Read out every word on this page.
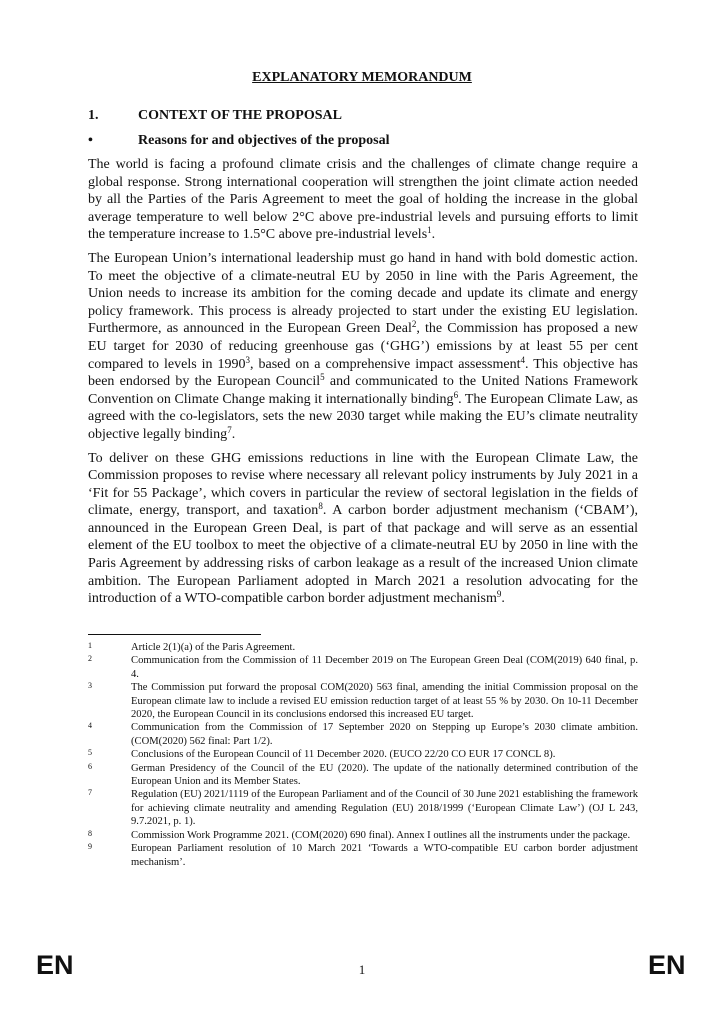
EXPLANATORY MEMORANDUM
1.	CONTEXT OF THE PROPOSAL
•	Reasons for and objectives of the proposal

The world is facing a profound climate crisis and the challenges of climate change require a global response. Strong international cooperation will strengthen the joint climate action needed by all the Parties of the Paris Agreement to meet the goal of holding the increase in the global average temperature to well below 2°C above pre-industrial levels and pursuing efforts to limit the temperature increase to 1.5°C above pre-industrial levels$^1$.

The European Union’s international leadership must go hand in hand with bold domestic action. To meet the objective of a climate-neutral EU by 2050 in line with the Paris Agreement, the Union needs to increase its ambition for the coming decade and update its climate and energy policy framework. This process is already projected to start under the existing EU legislation. Furthermore, as announced in the European Green Deal$^2$, the Commission has proposed a new EU target for 2030 of reducing greenhouse gas (‘GHG’) emissions by at least 55 per cent compared to levels in 1990$^3$, based on a comprehensive impact assessment$^4$. This objective has been endorsed by the European Council$^5$ and communicated to the United Nations Framework Convention on Climate Change making it internationally binding$^6$. The European Climate Law, as agreed with the co-legislators, sets the new 2030 target while making the EU’s climate neutrality objective legally binding$^7$.

To deliver on these GHG emissions reductions in line with the European Climate Law, the Commission proposes to revise where necessary all relevant policy instruments by July 2021 in a ‘Fit for 55 Package’, which covers in particular the review of sectoral legislation in the fields of climate, energy, transport, and taxation$^8$. A carbon border adjustment mechanism (‘CBAM’), announced in the European Green Deal, is part of that package and will serve as an essential element of the EU toolbox to meet the objective of a climate-neutral EU by 2050 in line with the Paris Agreement by addressing risks of carbon leakage as a result of the increased Union climate ambition. The European Parliament adopted in March 2021 a resolution advocating for the introduction of a WTO-compatible carbon border adjustment mechanism$^9$.

1	Article 2(1)(a) of the Paris Agreement.
2	Communication from the Commission of 11 December 2019 on The European Green Deal (COM(2019) 640 final, p. 4.
3	The Commission put forward the proposal COM(2020) 563 final, amending the initial Commission proposal on the European climate law to include a revised EU emission reduction target of at least 55 % by 2030. On 10-11 December 2020, the European Council in its conclusions endorsed this increased EU target.
4	Communication from the Commission of 17 September 2020 on Stepping up Europe’s 2030 climate ambition. (COM(2020) 562 final: Part 1/2).
5	Conclusions of the European Council of 11 December 2020. (EUCO 22/20 CO EUR 17 CONCL 8).
6	German Presidency of the Council of the EU (2020). The update of the nationally determined contribution of the European Union and its Member States.
7	Regulation (EU) 2021/1119 of the European Parliament and of the Council of 30 June 2021 establishing the framework for achieving climate neutrality and amending Regulation (EU) 2018/1999 (‘European Climate Law’) (OJ L 243, 9.7.2021, p. 1).
8	Commission Work Programme 2021. (COM(2020) 690 final). Annex I outlines all the instruments under the package.
9	European Parliament resolution of 10 March 2021 ‘Towards a WTO-compatible EU carbon border adjustment mechanism’.
EN	1	EN
